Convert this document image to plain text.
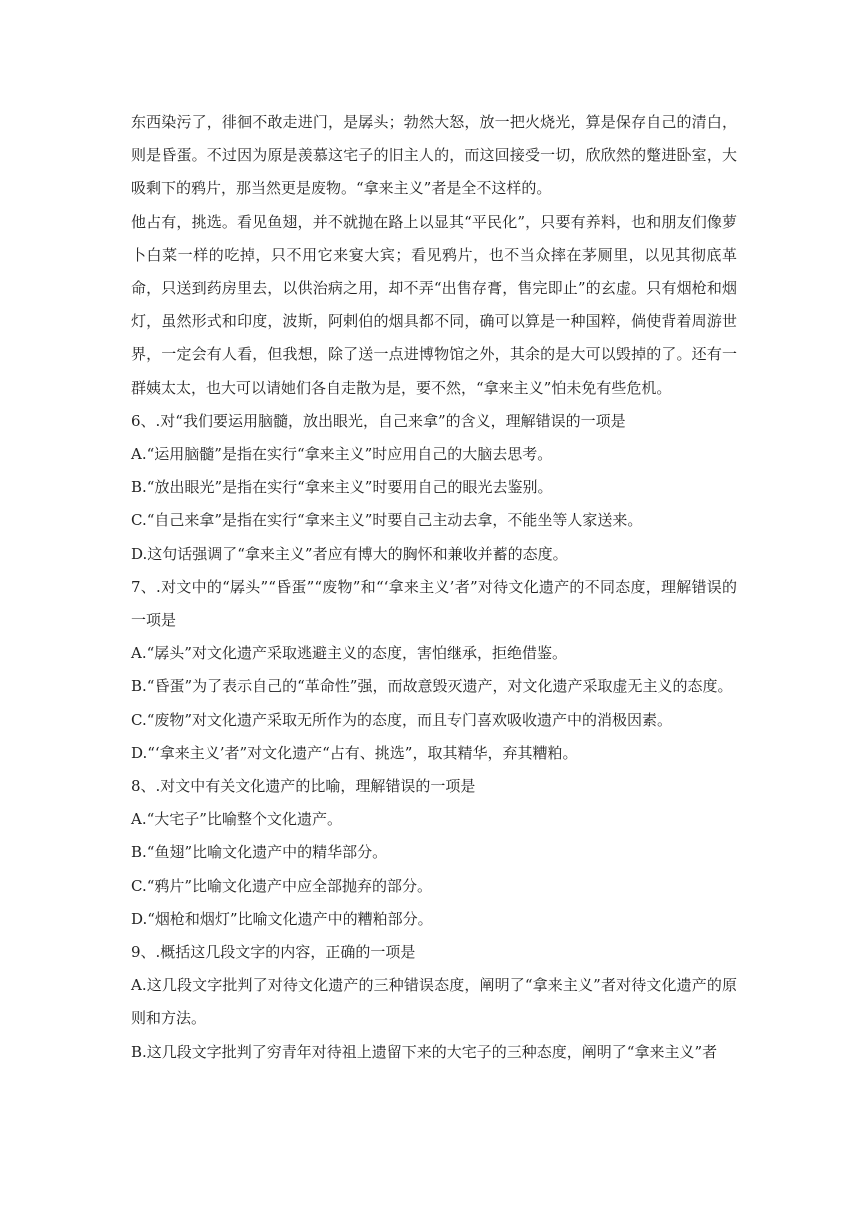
东西染污了，徘徊不敢走进门，是孱头；勃然大怒，放一把火烧光，算是保存自己的清白，则是昏蛋。不过因为原是羡慕这宅子的旧主人的，而这回接受一切，欣欣然的蹩进卧室，大吸剩下的鸦片，那当然更是废物。“拿来主义”者是全不这样的。

他占有，挑选。看见鱼翅，并不就抛在路上以显其“平民化”，只要有养料，也和朋友们像萝卜白菜一样的吃掉，只不用它来宴大宾；看见鸦片，也不当众摔在茅厕里，以见其彻底革命，只送到药房里去，以供治病之用，却不弄“出售存膏，售完即止”的玄虚。只有烟枪和烟灯，虽然形式和印度，波斯，阿剌伯的烟具都不同，确可以算是一种国粹，倘使背着周游世界，一定会有人看，但我想，除了送一点进博物馆之外，其余的是大可以毁掉的了。还有一群姨太太，也大可以请她们各自走散为是，要不然，“拿来主义”怕未免有些危机。

6、.对“我们要运用脑髓，放出眼光，自己来拿”的含义，理解错误的一项是

A.“运用脑髓”是指在实行“拿来主义”时应用自己的大脑去思考。

B.“放出眼光”是指在实行“拿来主义”时要用自己的眼光去鉴别。

C.“自己来拿”是指在实行“拿来主义”时要自己主动去拿，不能坐等人家送来。

D.这句话强调了“拿来主义”者应有博大的胸怀和兼收并蓄的态度。

7、.对文中的“孱头”“昏蛋”“废物”和“‘拿来主义’者”对待文化遗产的不同态度，理解错误的一项是

A.“孱头”对文化遗产采取逃避主义的态度，害怕继承，拒绝借鉴。

B.“昏蛋”为了表示自己的“革命性”强，而故意毁灭遗产，对文化遗产采取虚无主义的态度。

C.“废物”对文化遗产采取无所作为的态度，而且专门喜欢吸收遗产中的消极因素。

D.“‘拿来主义’者”对文化遗产“占有、挑选”，取其精华，弃其糟粕。

8、.对文中有关文化遗产的比喻，理解错误的一项是

A.“大宅子”比喻整个文化遗产。

B.“鱼翅”比喻文化遗产中的精华部分。

C.“鸦片”比喻文化遗产中应全部抛弃的部分。

D.“烟枪和烟灯”比喻文化遗产中的糟粕部分。

9、.概括这几段文字的内容，正确的一项是

A.这几段文字批判了对待文化遗产的三种错误态度，阐明了“拿来主义”者对待文化遗产的原则和方法。

B.这几段文字批判了穷青年对待祖上遗留下来的大宅子的三种态度，阐明了“拿来主义”者
